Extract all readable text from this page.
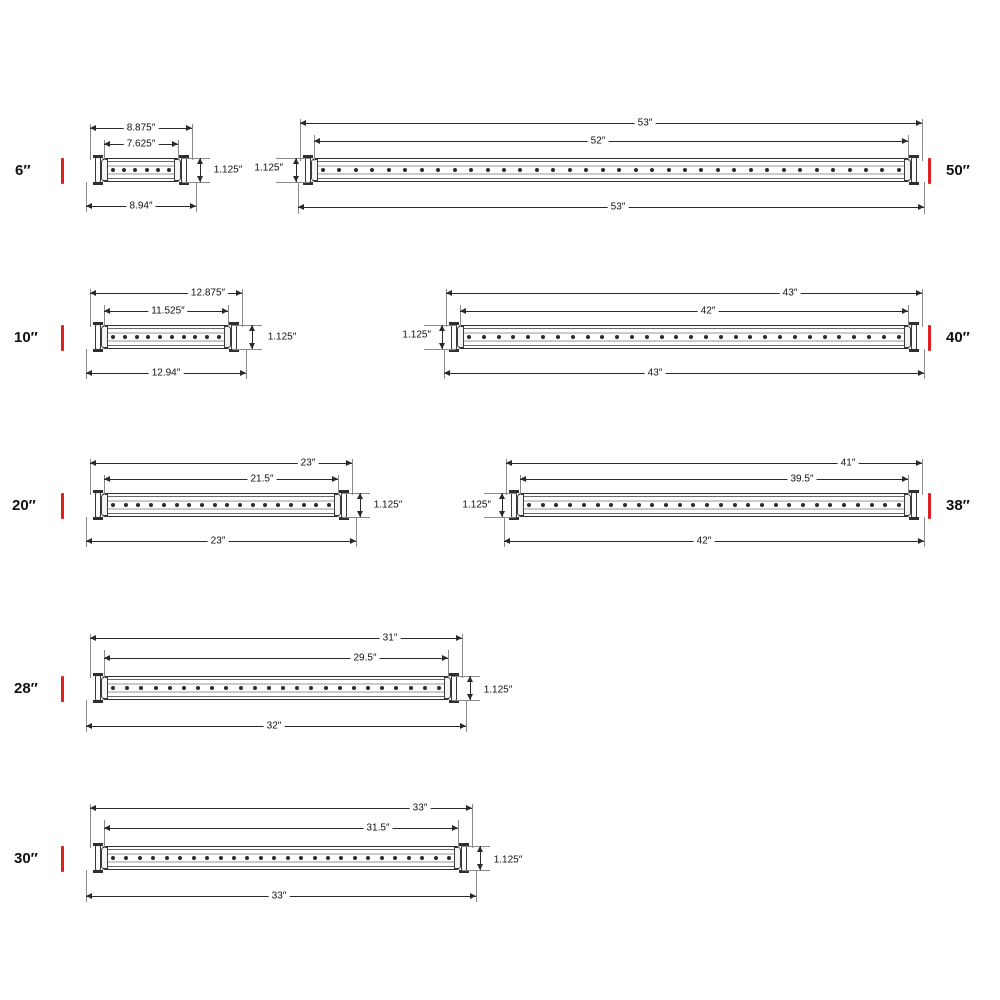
6″
8.875″
7.625″
8.94″
1.125″	50″
53″
52″
53″
1.125″
10″
12.875″
11.525″
12.94″
1.125″	40″
43″
42″
43″
1.125″
20″
23″
21.5″
23″
1.125″	38″
41″
39.5″
42″
1.125″
28″
31″
29.5″
32″
1.125″
30″
33″
31.5″
33″
1.125″
